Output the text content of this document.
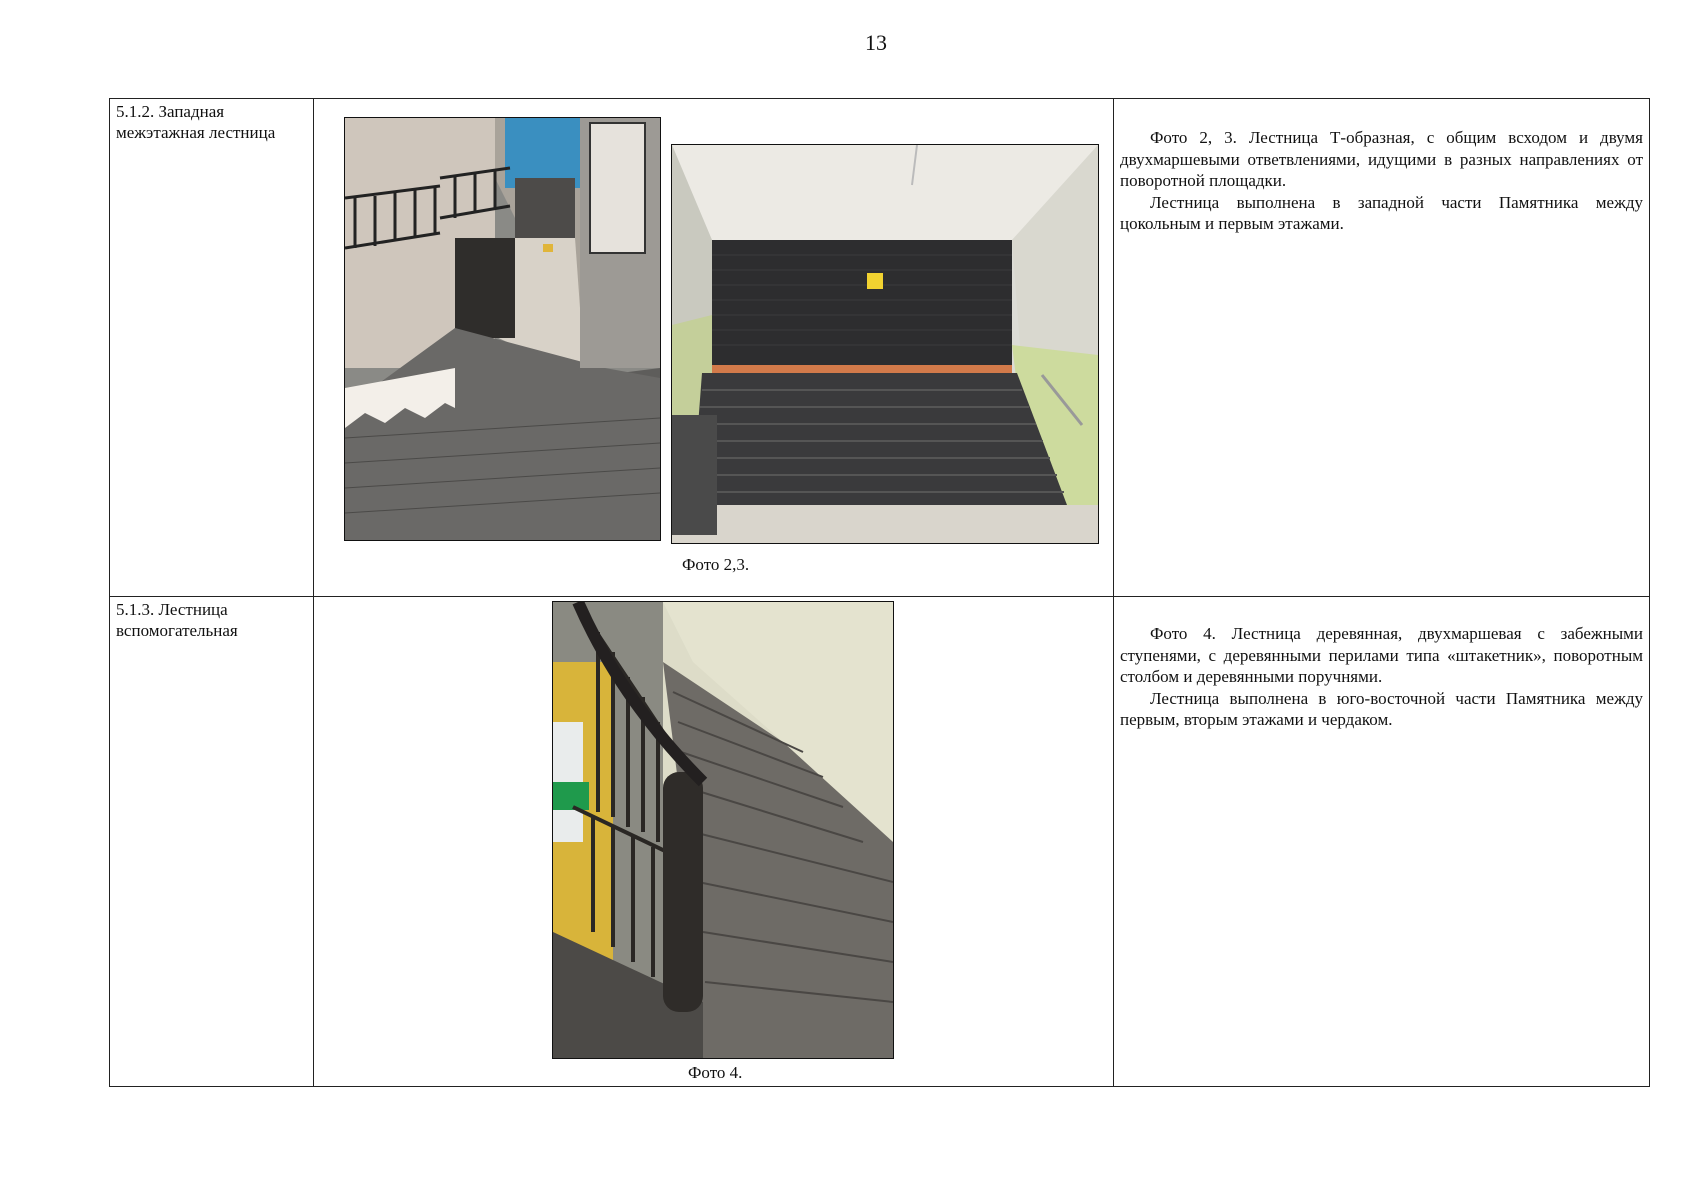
13
5.1.2. Западная межэтажная лестница	Фото 2,3.	Фото 2, 3. Лестница Т-образная, с общим всходом и двумя двухмаршевыми ответвлениями, идущими в разных направлениях от поворотной площадки.

Лестница выполнена в западной части Памятника между цокольным и первым этажами.

5.1.3. Лестница вспомогательная	Фото 4.	Фото 4. Лестница деревянная, двухмаршевая с забежными ступенями, с деревянными перилами типа «штакетник», поворотным столбом и деревянными поручнями.

Лестница выполнена в юго-восточной части Памятника между первым, вторым этажами и чердаком.
